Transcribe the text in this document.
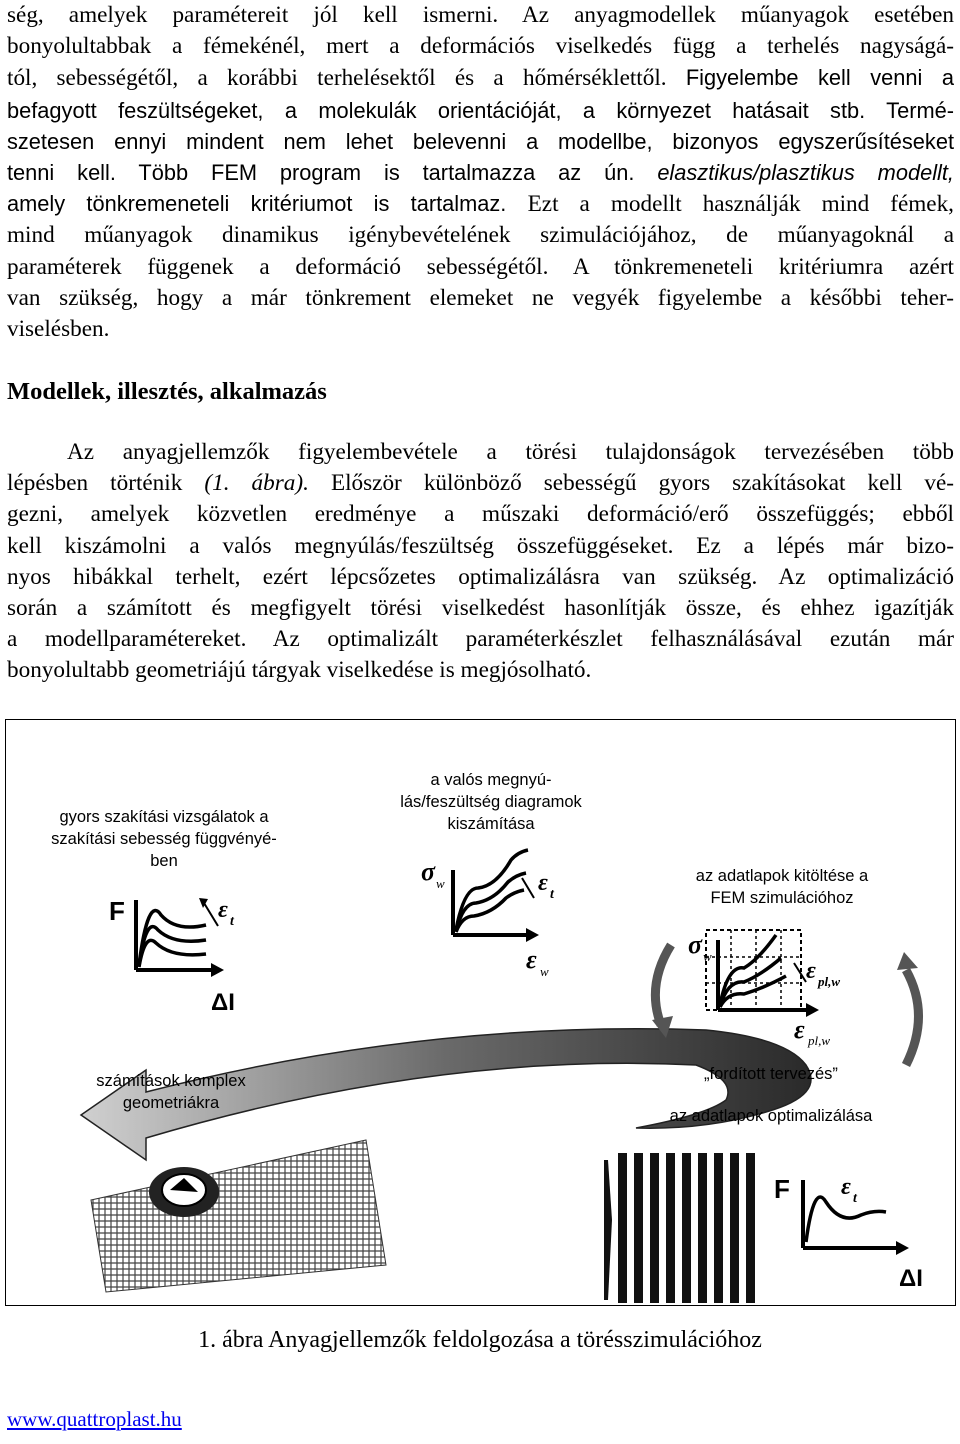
ség, amelyek paramétereit jól kell ismerni. Az anyagmodellek műanyagok esetében
bonyolultabbak a fémekénél, mert a deformációs viselkedés függ a terhelés nagyságá-
tól, sebességétől, a korábbi terhelésektől és a hőmérséklettől. Figyelembe kell venni a
befagyott feszültségeket, a molekulák orientációját, a környezet hatásait stb. Termé-
szetesen ennyi mindent nem lehet belevenni a modellbe, bizonyos egyszerűsítéseket
tenni kell. Több FEM program is tartalmazza az ún. elasztikus/plasztikus modellt,
amely tönkremeneteli kritériumot is tartalmaz. Ezt a modellt használják mind fémek,
mind műanyagok dinamikus igénybevételének szimulációjához, de műanyagoknál a
paraméterek függenek a deformáció sebességétől. A tönkremeneteli kritériumra azért
van szükség, hogy a már tönkrement elemeket ne vegyék figyelembe a későbbi teher-
viselésben.
Modellek, illesztés, alkalmazás
Az anyagjellemzők figyelembevétele a törési tulajdonságok tervezésében több
lépésben történik (1. ábra). Először különböző sebességű gyors szakításokat kell vé-
gezni, amelyek közvetlen eredménye a műszaki deformáció/erő összefüggés; ebből
kell kiszámolni a valós megnyúlás/feszültség összefüggéseket. Ez a lépés már bizo-
nyos hibákkal terhelt, ezért lépcsőzetes optimalizálásra van szükség. Az optimalizáció
során a számított és megfigyelt törési viselkedést hasonlítják össze, és ehhez igazítják
a modellparamétereket. Az optimalizált paraméterkészlet felhasználásával ezután már
bonyolultabb geometriájú tárgyak viselkedése is megjósolható.
F
ΔI
ε t
σ w
ε w
ε t
σ w
ε pl,w
ε pl,w
F
ΔI
ε t
gyors szakítási vizsgálatok a
szakítási sebesség függvényé-
ben
a valós megnyú-
lás/feszültség diagramok
kiszámítása
az adatlapok kitöltése a
FEM szimulációhoz
számítások komplex
geometriákra
„fordított tervezés”
az adatlapok optimalizálása
1. ábra Anyagjellemzők feldolgozása a törésszimulációhoz
www.quattroplast.hu
